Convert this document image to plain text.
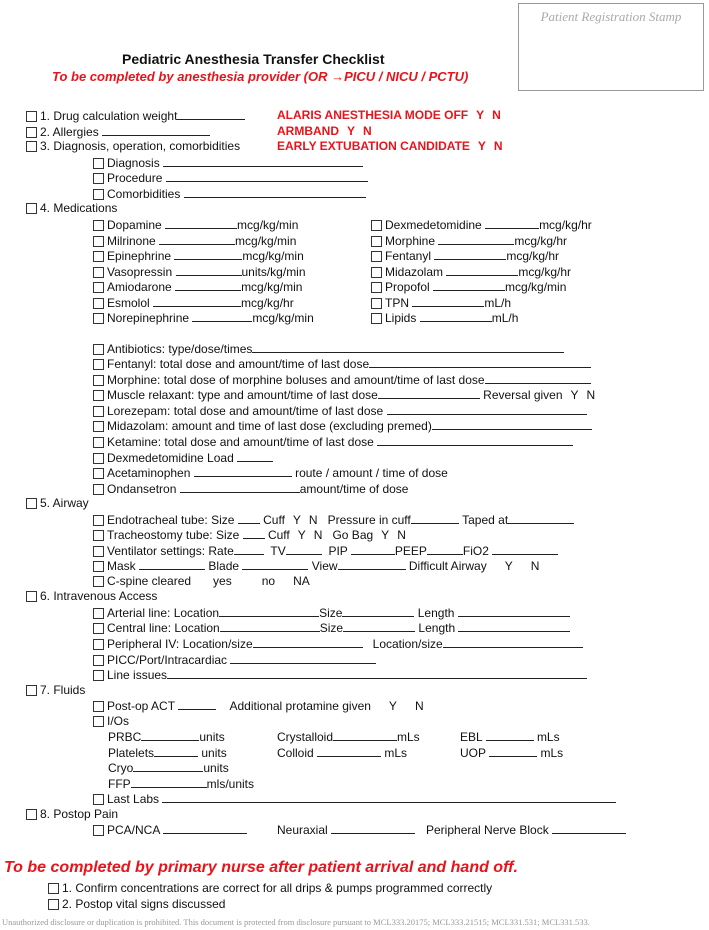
Patient Registration Stamp
Pediatric Anesthesia Transfer Checklist
To be completed by anesthesia provider (OR →PICU / NICU / PCTU)
1. Drug calculation weight
2. Allergies
3. Diagnosis, operation, comorbidities
ALARIS ANESTHESIA MODE OFF Y N
ARMBAND Y N
EARLY EXTUBATION CANDIDATE Y N
Diagnosis
Procedure
Comorbidities
4. Medications
Dopamine	mcg/kg/min
Milrinone	mcg/kg/min
Epinephrine	mcg/kg/min
Vasopressin	units/kg/min
Amiodarone	mcg/kg/min
Esmolol	mcg/kg/hr
Norepinephrine	mcg/kg/min
Dexmedetomidine	mcg/kg/hr
Morphine	mcg/kg/hr
Fentanyl	mcg/kg/hr
Midazolam	mcg/kg/hr
Propofol	mcg/kg/min
TPN	mL/h
Lipids	mL/h
Antibiotics: type/dose/times
Fentanyl: total dose and amount/time of last dose
Morphine: total dose of morphine boluses and amount/time of last dose
Muscle relaxant: type and amount/time of last dose	Reversal given Y N
Lorezepam: total dose and amount/time of last dose
Midazolam: amount and time of last dose (excluding premed)
Ketamine: total dose and amount/time of last dose
Dexmedetomidine Load
Acetaminophen	route / amount / time of dose
Ondansetron	amount/time of dose
5. Airway
Endotracheal tube: Size Cuff Y N Pressure in cuff	Taped at
Tracheostomy tube: Size Cuff Y N Go Bag Y N
Ventilator settings: Rate	TV	PIP	PEEP	FiO2
Mask	Blade	View	Difficult Airway Y N
C-spine cleared yes	no NA
6. Intravenous Access
Arterial line: Location	Size	Length
Central line: Location	Size	Length
Peripheral IV: Location/size	Location/size
PICC/Port/Intracardiac
Line issues
7. Fluids
Post-op ACT	Additional protamine given Y N
I/Os
PRBC	units	Crystalloid	mLs	EBL	mLs
Platelets	units	Colloid	mLs	UOP	mLs
Cryo	units
FFP	mls/units
Last Labs
8. Postop Pain
PCA/NCA	Neuraxial	Peripheral Nerve Block
To be completed by primary nurse after patient arrival and hand off.
1. Confirm concentrations are correct for all drips & pumps programmed correctly
2. Postop vital signs discussed
Unauthorized disclosure or duplication is prohibited. This document is protected from disclosure pursuant to MCL333.20175; MCL333.21515; MCL331.531; MCL331.533.
